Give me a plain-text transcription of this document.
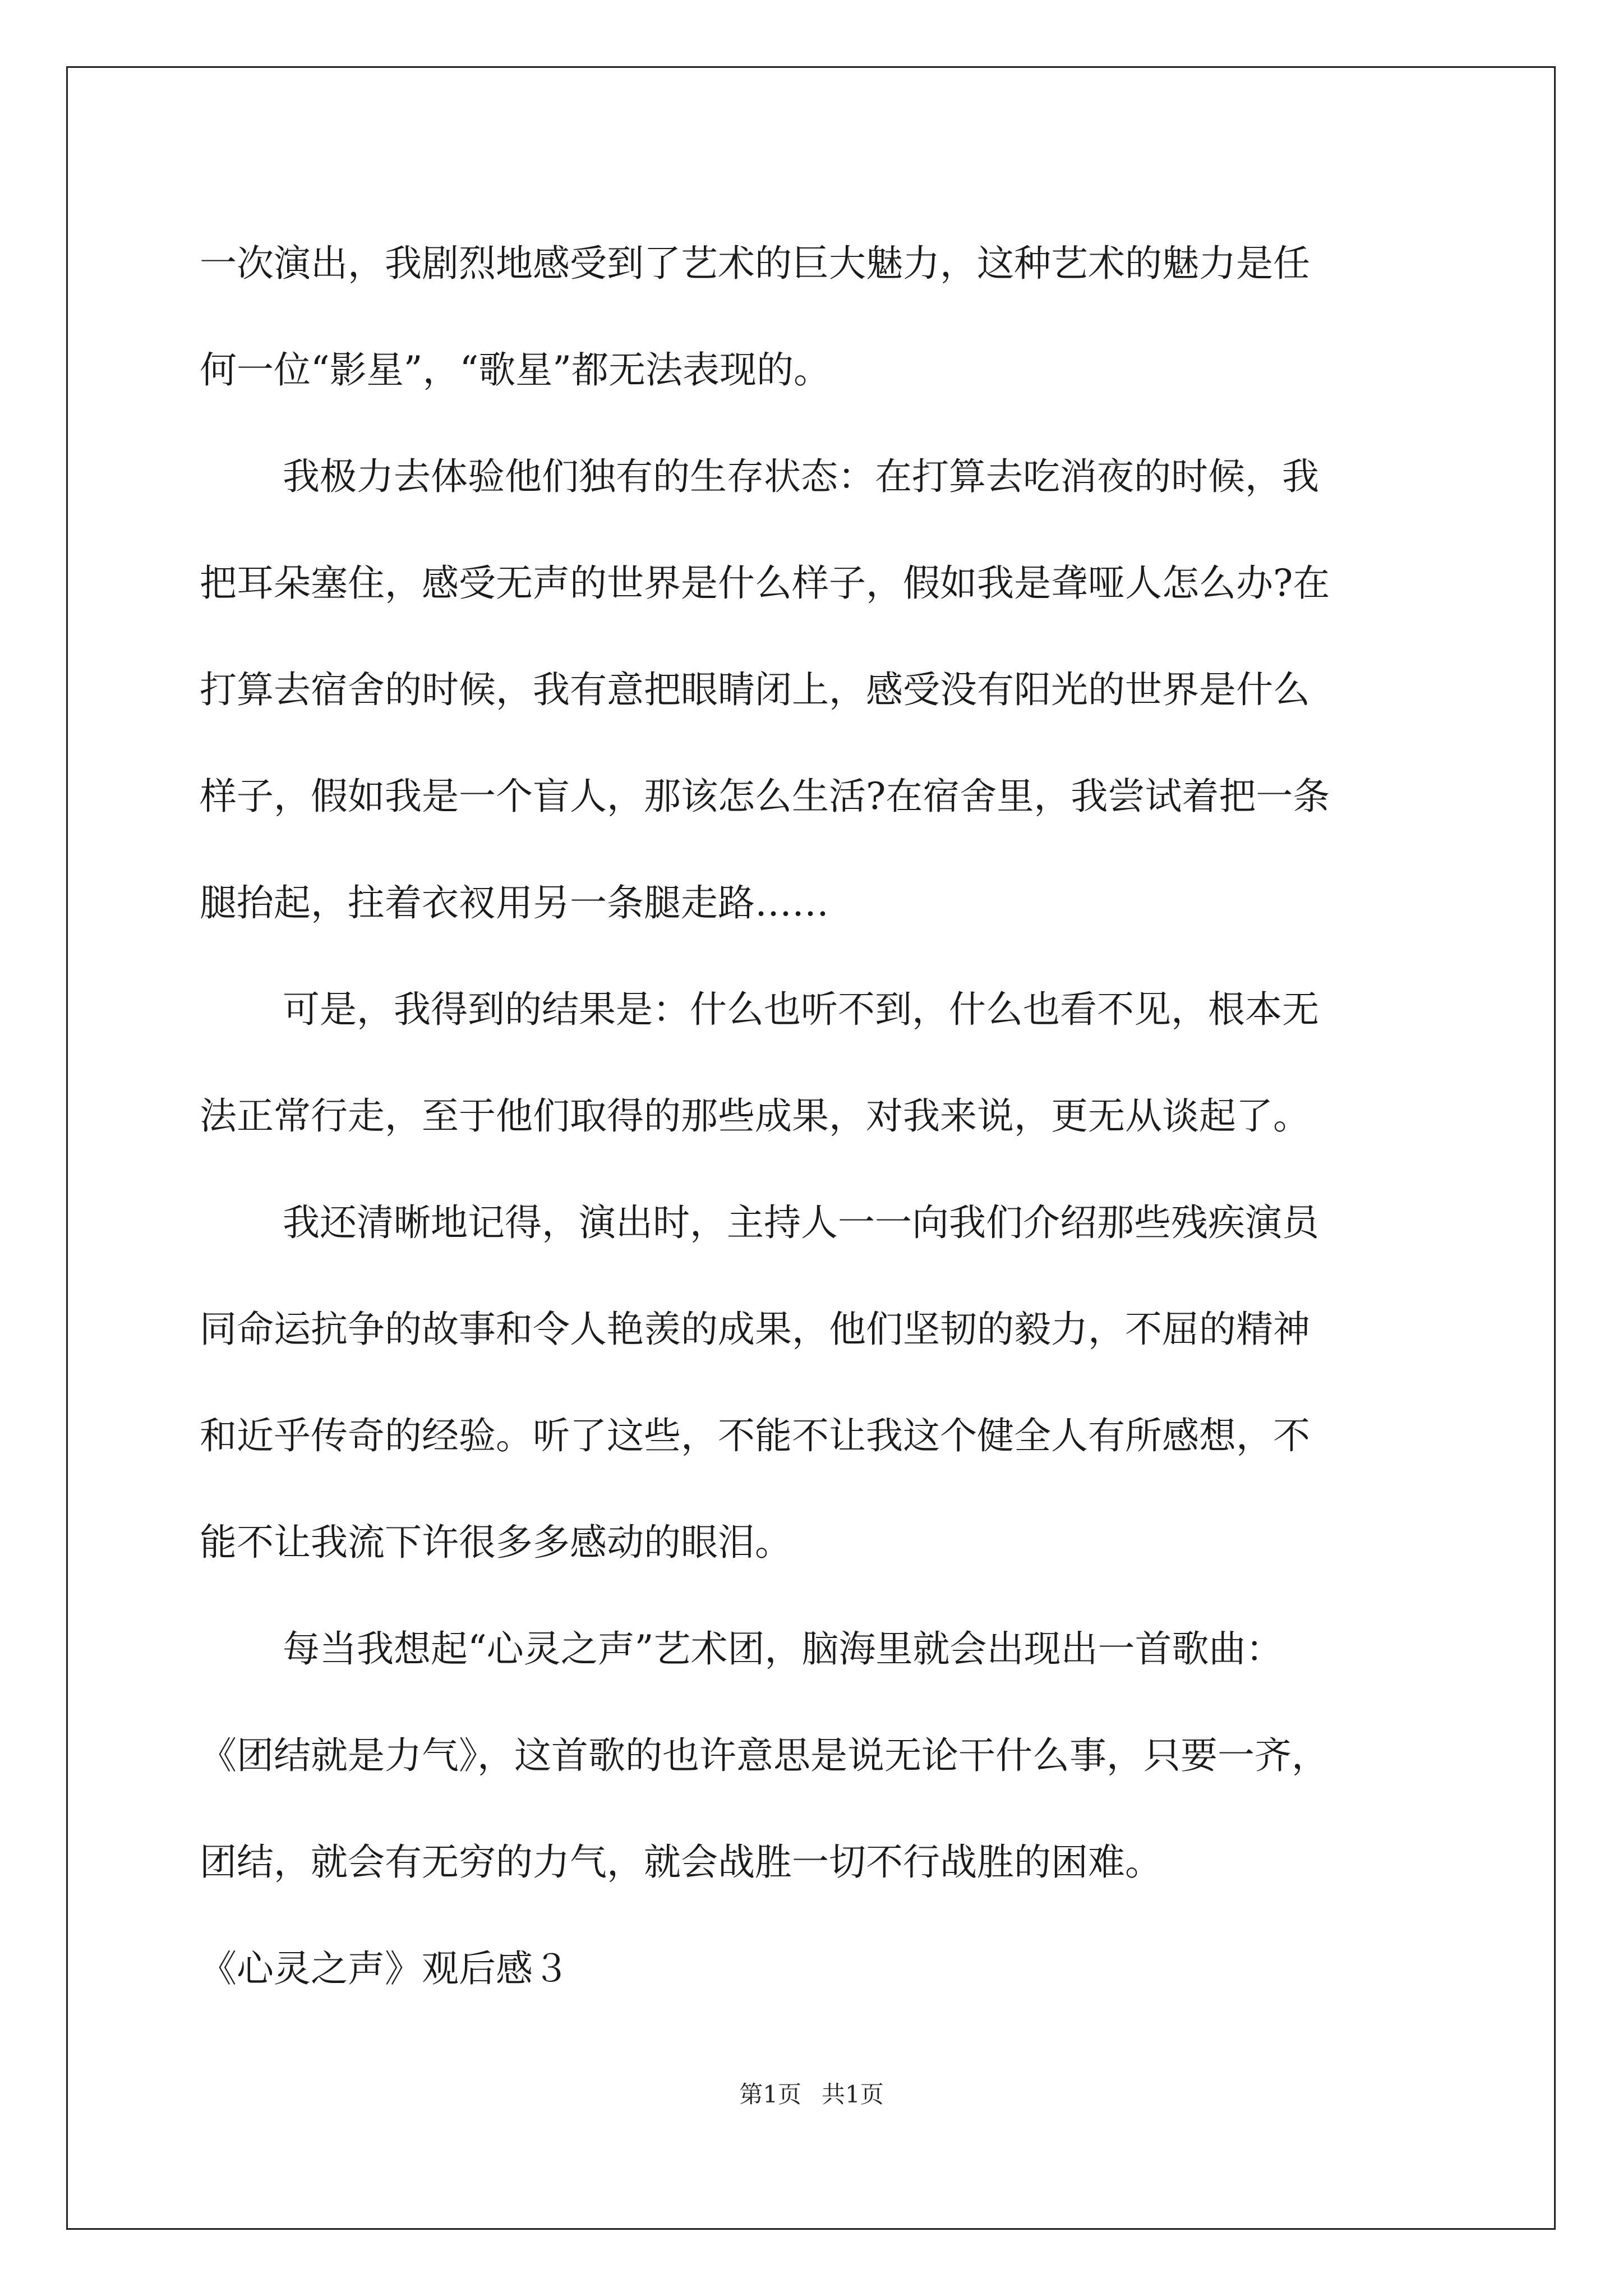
一次演出，我剧烈地感受到了艺术的巨大魅力，这种艺术的魅力是任
何一位“影星”，“歌星”都无法表现的。
我极力去体验他们独有的生存状态：在打算去吃消夜的时候，我
把耳朵塞住，感受无声的世界是什么样子，假如我是聋哑人怎么办?在
打算去宿舍的时候，我有意把眼睛闭上，感受没有阳光的世界是什么
样子，假如我是一个盲人，那该怎么生活?在宿舍里，我尝试着把一条
腿抬起，拄着衣衩用另一条腿走路……
可是，我得到的结果是：什么也听不到，什么也看不见，根本无
法正常行走，至于他们取得的那些成果，对我来说，更无从谈起了。
我还清晰地记得，演出时，主持人一一向我们介绍那些残疾演员
同命运抗争的故事和令人艳羡的成果，他们坚韧的毅力，不屈的精神
和近乎传奇的经验。听了这些，不能不让我这个健全人有所感想，不
能不让我流下许很多多感动的眼泪。
每当我想起“心灵之声”艺术团，脑海里就会出现出一首歌曲：
《团结就是力气》，这首歌的也许意思是说无论干什么事，只要一齐，
团结，就会有无穷的力气，就会战胜一切不行战胜的困难。
《心灵之声》观后感３
第1页 共1页
